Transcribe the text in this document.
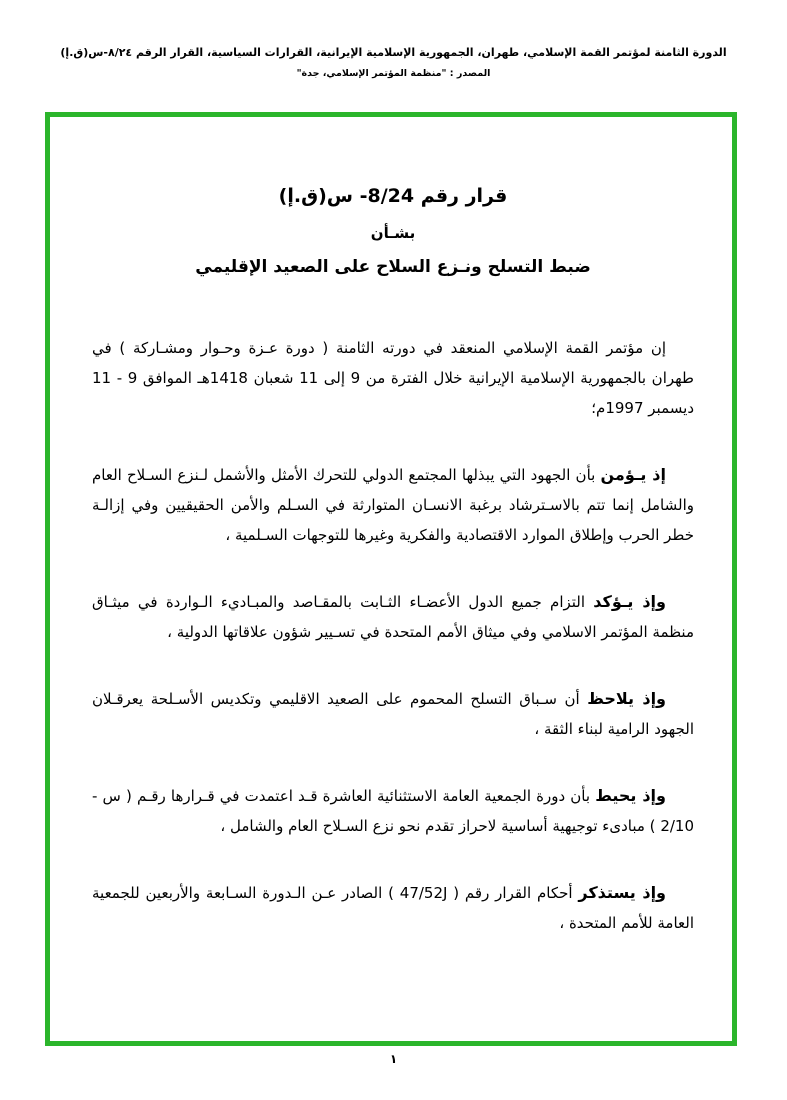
الدورة الثامنة لمؤتمر القمة الإسلامي، طهران، الجمهورية الإسلامية الإيرانية، القرارات السياسية، القرار الرقم ٨/٢٤-س(ق.إ)
المصدر : "منظمة المؤتمر الإسلامي، جدة"
قرار رقم 8/24- س(ق.إ)
بشـأن
ضبط التسلح ونـزع السلاح على الصعيد الإقليمي

إن مؤتمر القمة الإسلامي المنعقد في دورته الثامنة ( دورة عـزة وحـوار ومشـاركة ) في طهران بالجمهورية الإسلامية الإيرانية خلال الفترة من 9 إلى 11 شعبان 1418هـ الموافق 9 - 11 ديسمبر 1997م؛

إذ يـؤمن بأن الجهود التي يبذلها المجتمع الدولي للتحرك الأمثل والأشمل لـنزع السـلاح العام والشامل إنما تتم بالاسـترشاد برغبة الانسـان المتوارثة في السـلم والأمن الحقيقيين وفي إزالـة خطر الحرب وإطلاق الموارد الاقتصادية والفكرية وغيرها للتوجهات السـلمية ،

وإذ يـؤكد التزام جميع الدول الأعضـاء الثـابت بالمقـاصد والمبـاديء الـواردة في ميثـاق منظمة المؤتمر الاسلامي وفي ميثاق الأمم المتحدة في تسـيير شؤون علاقاتها الدولية ،

وإذ يلاحظ أن سـباق التسلح المحموم على الصعيد الاقليمي وتكديس الأسـلحة يعرقـلان الجهود الرامية لبناء الثقة ،

وإذ يحيط بأن دورة الجمعية العامة الاستثنائية العاشرة قـد اعتمدت في قـرارها رقـم ( س - 2/10 ) مبادىء توجيهية أساسية لاحراز تقدم نحو نزع السـلاح العام والشامل ،

وإذ يستذكر أحكام القرار رقم ( 47/52J ) الصادر عـن الـدورة السـابعة والأربعين للجمعية العامة للأمم المتحدة ،

١
